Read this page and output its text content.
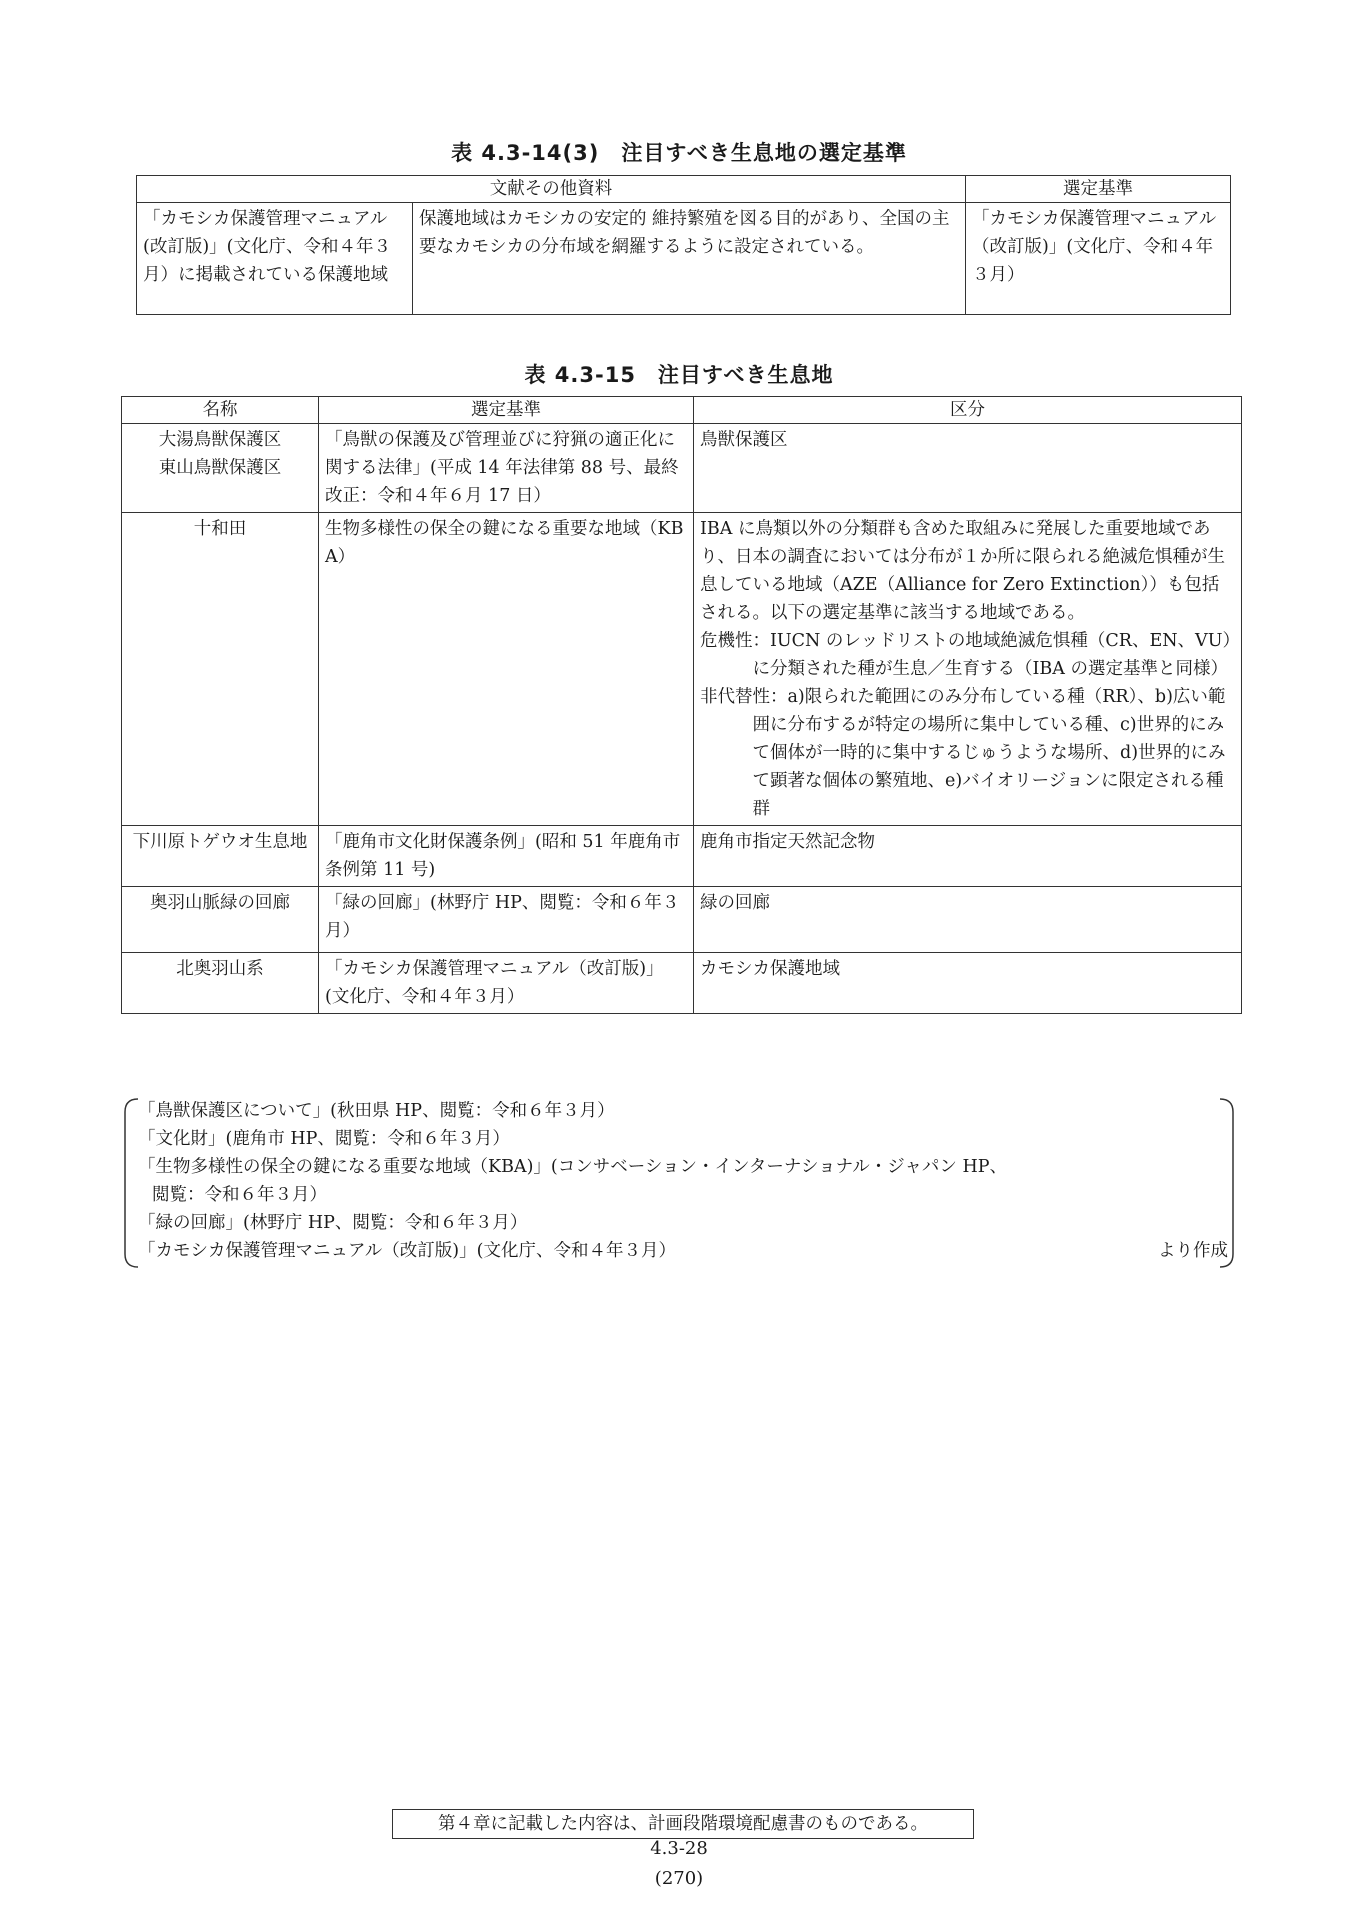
表 4.3-14(3)　注目すべき生息地の選定基準
文献その他資料		選定基準
「カモシカ保護管理マニュアル(改訂版)」(文化庁、令和４年３月）に掲載されている保護地域	保護地域はカモシカの安定的 維持繁殖を図る目的があり、全国の主要なカモシカの分布域を網羅するように設定されている。	「カモシカ保護管理マニュアル（改訂版)」(文化庁、令和４年３月）
表 4.3-15　注目すべき生息地
名称	選定基準	区分
大湯鳥獣保護区
東山鳥獣保護区	「鳥獣の保護及び管理並びに狩猟の適正化に関する法律」(平成 14 年法律第 88 号、最終改正：令和４年６月 17 日）	鳥獣保護区

十和田	生物多様性の保全の鍵になる重要な地域（KBA）	IBA に鳥類以外の分類群も含めた取組みに発展した重要地域であり、日本の調査においては分布が１か所に限られる絶滅危惧種が生息している地域（AZE（Alliance for Zero Extinction））も包括される。以下の選定基準に該当する地域である。

危機性：IUCN のレッドリストの地域絶滅危惧種（CR、EN、VU）に分類された種が生息／生育する（IBA の選定基準と同様）

非代替性：a)限られた範囲にのみ分布している種（RR）、b)広い範囲に分布するが特定の場所に集中している種、c)世界的にみて個体が一時的に集中するじゅうような場所、d)世界的にみて顕著な個体の繁殖地、e)バイオリージョンに限定される種群

下川原トゲウオ生息地	「鹿角市文化財保護条例」(昭和 51 年鹿角市条例第 11 号)	鹿角市指定天然記念物

奥羽山脈緑の回廊	「緑の回廊」(林野庁 HP、閲覧：令和６年３月）	緑の回廊

北奥羽山系	「カモシカ保護管理マニュアル（改訂版)」(文化庁、令和４年３月）	カモシカ保護地域

「鳥獣保護区について」(秋田県 HP、閲覧：令和６年３月）
「文化財」(鹿角市 HP、閲覧：令和６年３月）
「生物多様性の保全の鍵になる重要な地域（KBA)」(コンサベーション・インターナショナル・ジャパン HP、
閲覧：令和６年３月）
「緑の回廊」(林野庁 HP、閲覧：令和６年３月）
「カモシカ保護管理マニュアル（改訂版)」(文化庁、令和４年３月）	より作成
第４章に記載した内容は、計画段階環境配慮書のものである。
4.3-28
(270)
